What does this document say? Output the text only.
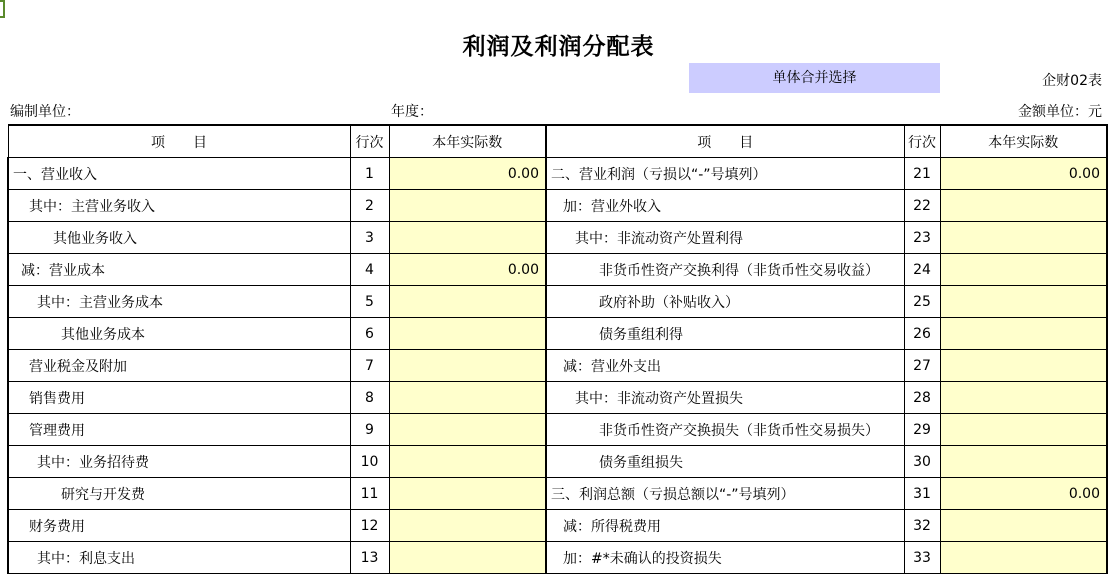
利润及利润分配表
单体合并选择	企财02表
编制单位：	年度：	金额单位：元
项　　目	行次	本年实际数	项　　目	行次	本年实际数
一、营业收入	1	0.00	二、营业利润（亏损以“-”号填列）	21	0.00
其中：主营业务收入	2		加：营业外收入	22	
其他业务收入	3		其中：非流动资产处置利得	23	
减：营业成本	4	0.00	非货币性资产交换利得（非货币性交易收益）	24	
其中：主营业务成本	5		政府补助（补贴收入）	25	
其他业务成本	6		债务重组利得	26	
营业税金及附加	7		减：营业外支出	27	
销售费用	8		其中：非流动资产处置损失	28	
管理费用	9		非货币性资产交换损失（非货币性交易损失）	29	
其中：业务招待费	10		债务重组损失	30	
研究与开发费	11		三、利润总额（亏损总额以“-”号填列）	31	0.00
财务费用	12		减：所得税费用	32	
其中：利息支出	13		加：#*未确认的投资损失	33	
